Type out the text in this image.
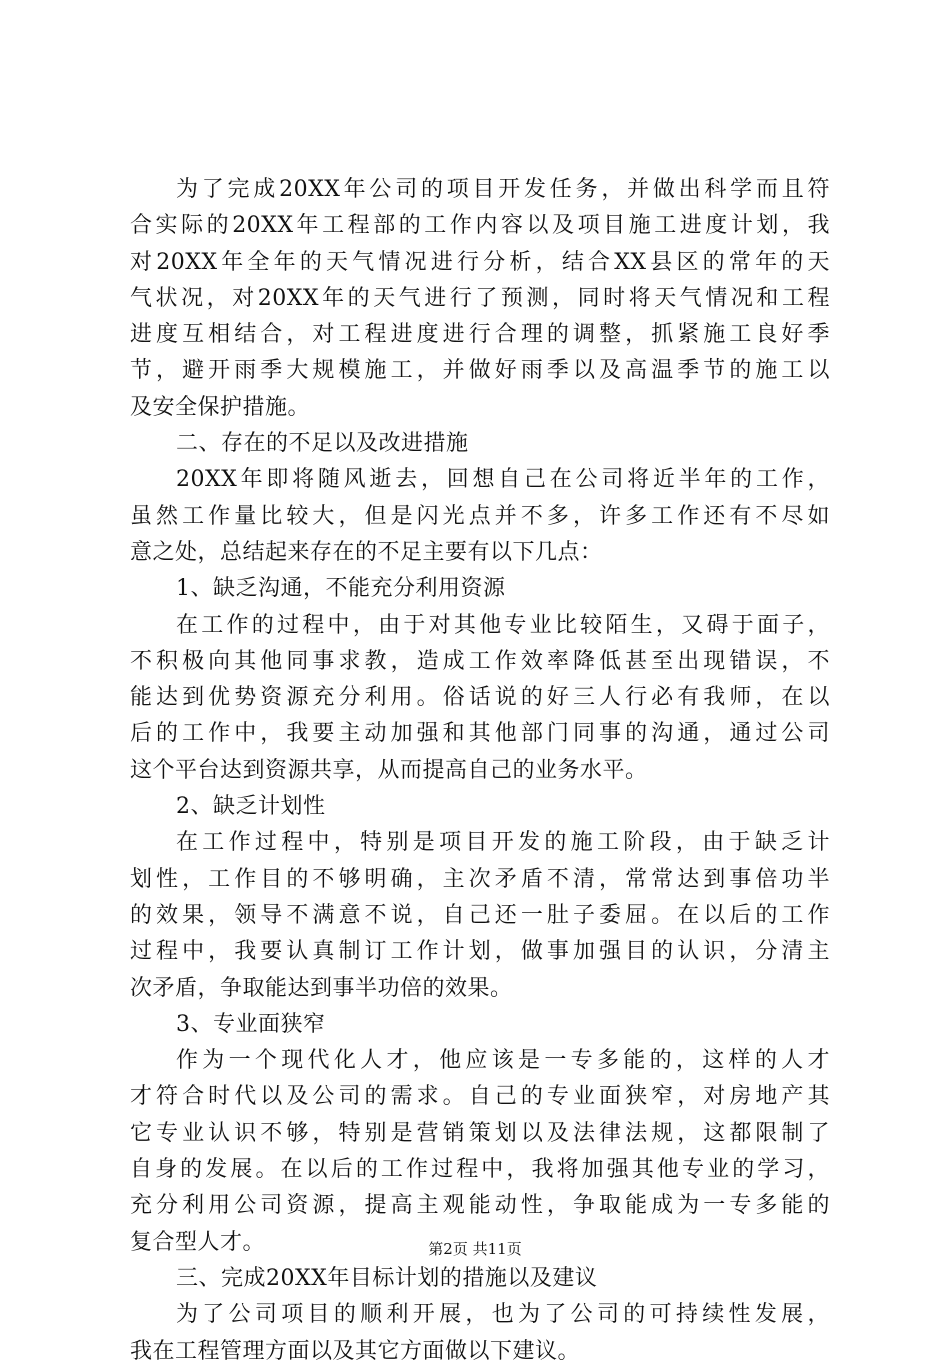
为了完成20XX年公司的项目开发任务，并做出科学而且符
合实际的20XX年工程部的工作内容以及项目施工进度计划，我
对20XX年全年的天气情况进行分析，结合XX县区的常年的天
气状况，对20XX年的天气进行了预测，同时将天气情况和工程
进度互相结合，对工程进度进行合理的调整，抓紧施工良好季
节，避开雨季大规模施工，并做好雨季以及高温季节的施工以
及安全保护措施。
二、存在的不足以及改进措施
20XX年即将随风逝去，回想自己在公司将近半年的工作，
虽然工作量比较大，但是闪光点并不多，许多工作还有不尽如
意之处，总结起来存在的不足主要有以下几点：
1、缺乏沟通，不能充分利用资源
在工作的过程中，由于对其他专业比较陌生，又碍于面子，
不积极向其他同事求教，造成工作效率降低甚至出现错误，不
能达到优势资源充分利用。俗话说的好三人行必有我师，在以
后的工作中，我要主动加强和其他部门同事的沟通，通过公司
这个平台达到资源共享，从而提高自己的业务水平。
2、缺乏计划性
在工作过程中，特别是项目开发的施工阶段，由于缺乏计
划性，工作目的不够明确，主次矛盾不清，常常达到事倍功半
的效果，领导不满意不说，自己还一肚子委屈。在以后的工作
过程中，我要认真制订工作计划，做事加强目的认识，分清主
次矛盾，争取能达到事半功倍的效果。
3、专业面狭窄
作为一个现代化人才，他应该是一专多能的，这样的人才
才符合时代以及公司的需求。自己的专业面狭窄，对房地产其
它专业认识不够，特别是营销策划以及法律法规，这都限制了
自身的发展。在以后的工作过程中，我将加强其他专业的学习，
充分利用公司资源，提高主观能动性，争取能成为一专多能的
复合型人才。
三、完成20XX年目标计划的措施以及建议
为了公司项目的顺利开展，也为了公司的可持续性发展，
我在工程管理方面以及其它方面做以下建议。
第2页 共11页
